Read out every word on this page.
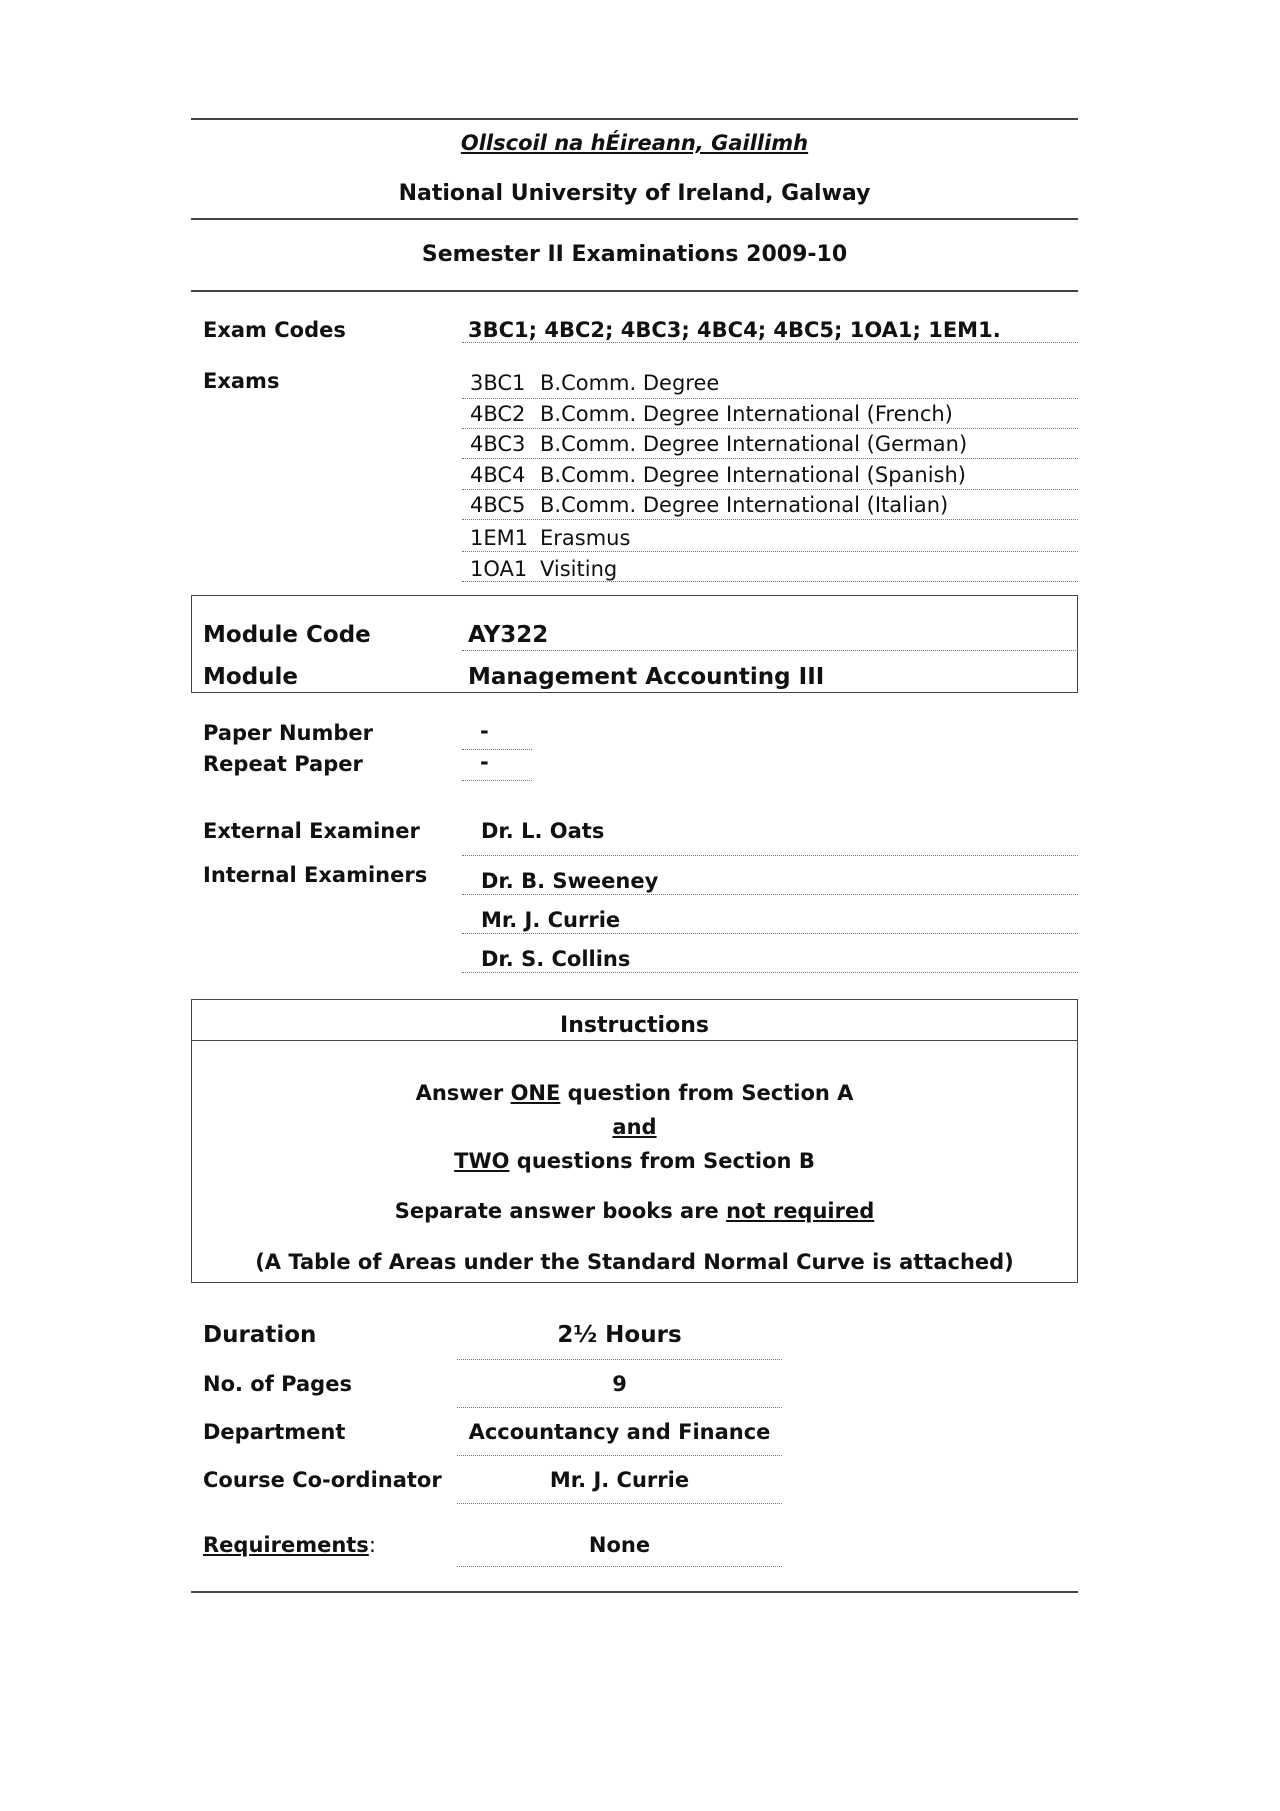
Ollscoil na hÉireann, Gaillimh
National University of Ireland, Galway
Semester II Examinations 2009-10
Exam Codes	3BC1; 4BC2; 4BC3; 4BC4; 4BC5; 1OA1; 1EM1.
Exams	3BC1 B.Comm. Degree
4BC2 B.Comm. Degree International (French)
4BC3 B.Comm. Degree International (German)
4BC4 B.Comm. Degree International (Spanish)
4BC5 B.Comm. Degree International (Italian)
1EM1 Erasmus
1OA1 Visiting
Module Code	AY322
Module	Management Accounting III
Paper Number	-
Repeat Paper	-
External Examiner	Dr. L. Oats
Internal Examiners	Dr. B. Sweeney
Mr. J. Currie
Dr. S. Collins
Instructions
Answer ONE question from Section A
and
TWO questions from Section B
Separate answer books are not required
(A Table of Areas under the Standard Normal Curve is attached)
Duration	2½ Hours
No. of Pages	9
Department	Accountancy and Finance
Course Co-ordinator	Mr. J. Currie
Requirements:	None
